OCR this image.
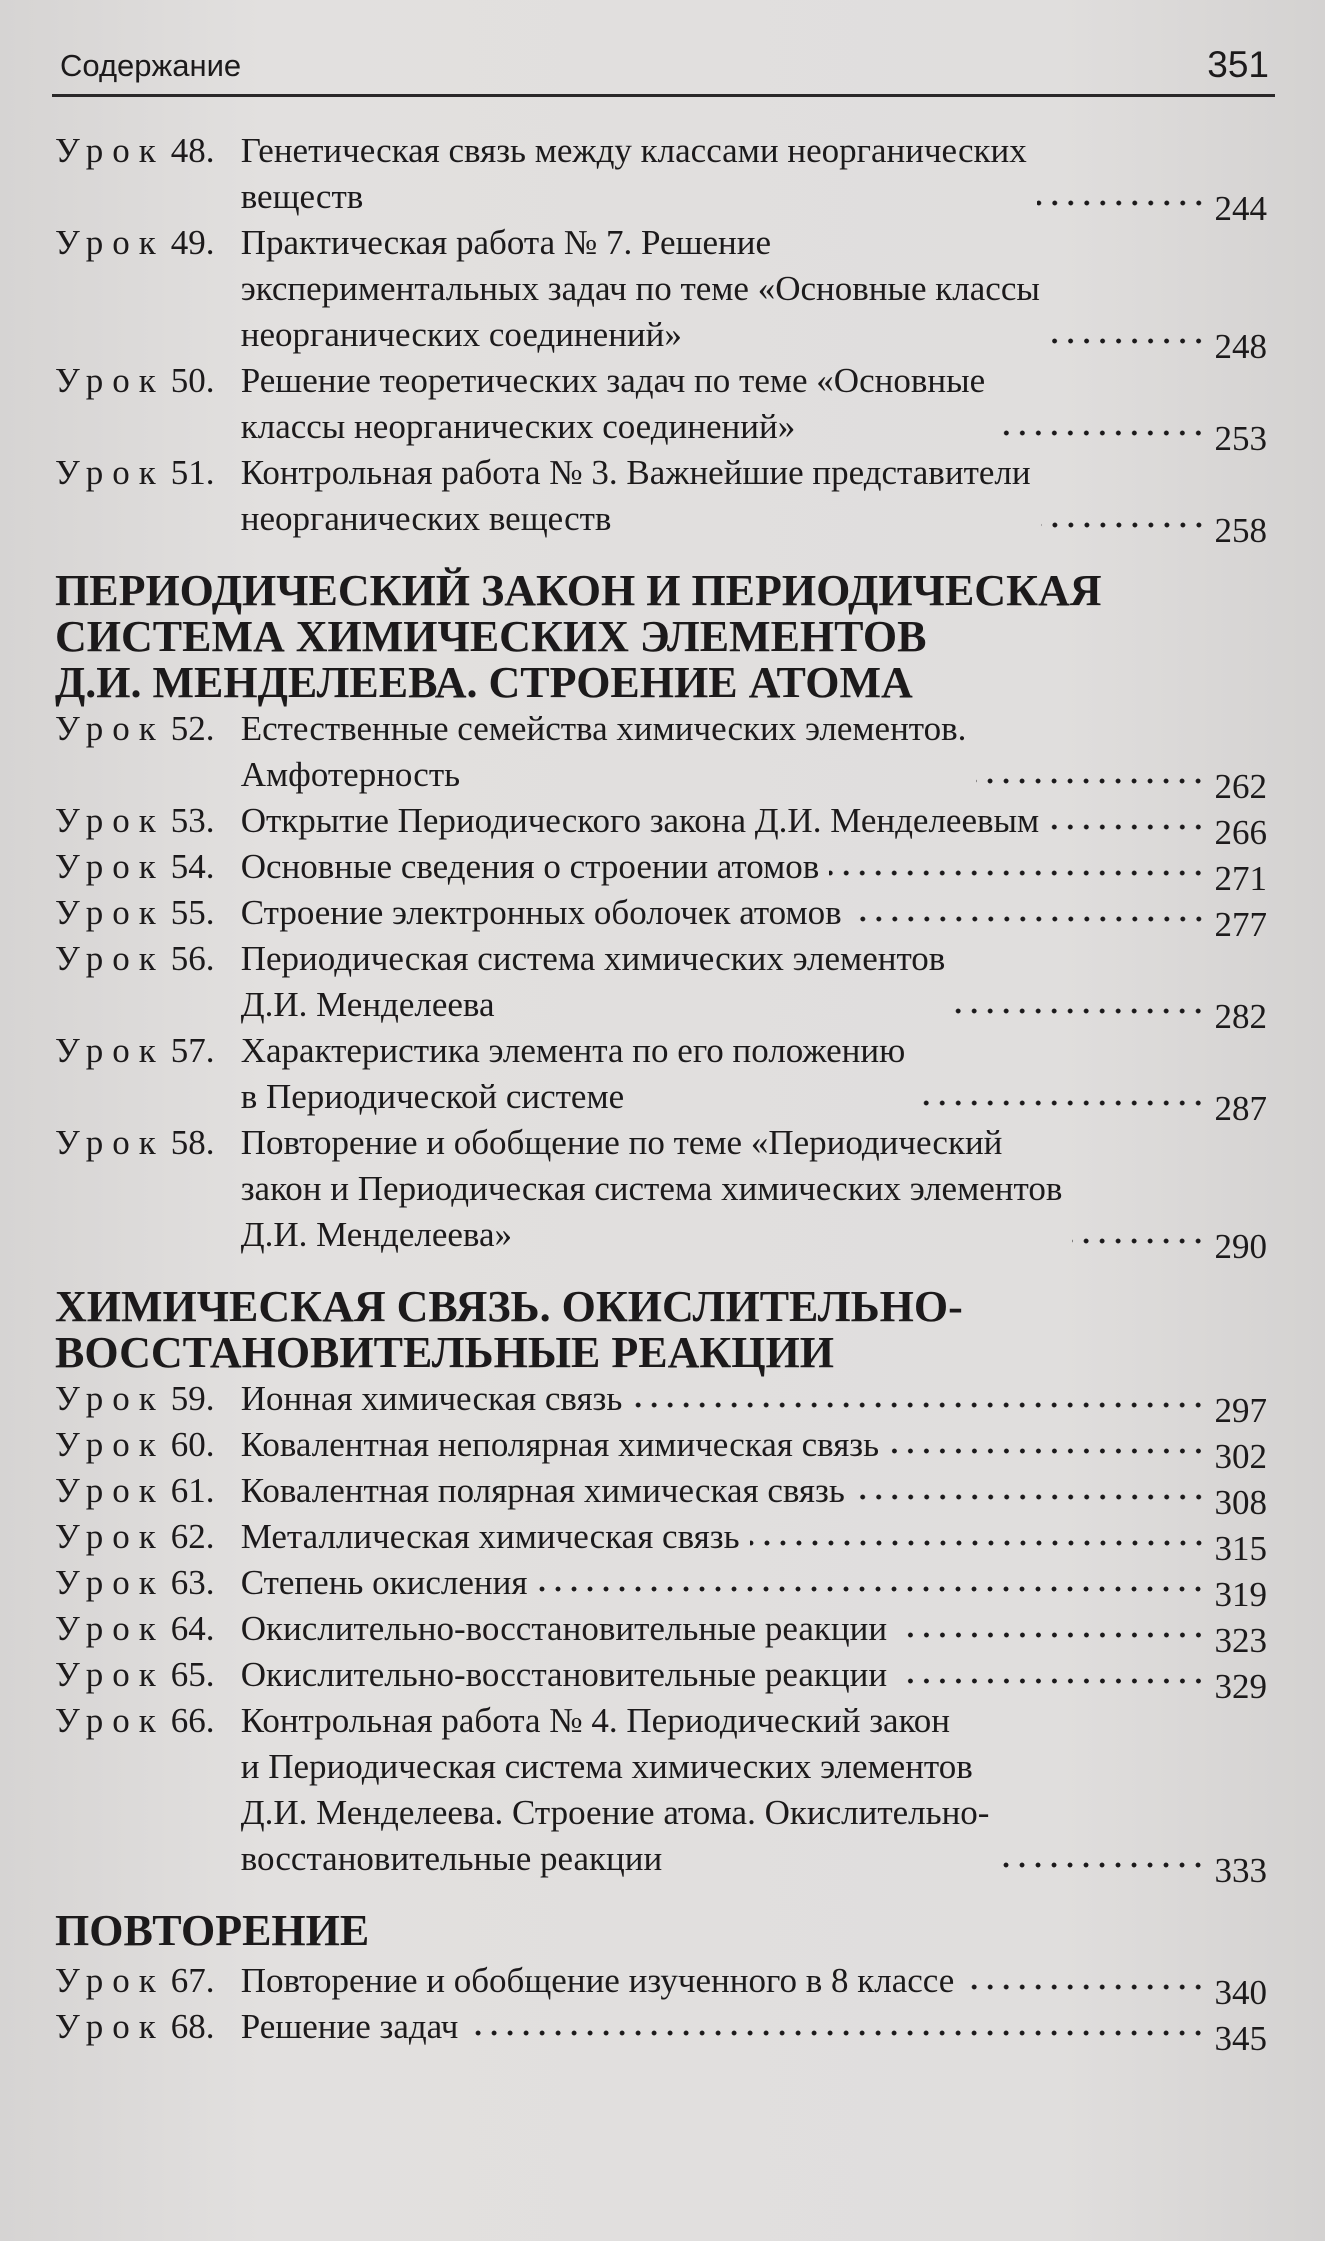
Содержание	351
Урок 48. Генетическая связь между классами неорганических
веществ	244
Урок 49. Практическая работа № 7. Решение
экспериментальных задач по теме «Основные классы
неорганических соединений»	248
Урок 50. Решение теоретических задач по теме «Основные
классы неорганических соединений»	253
Урок 51. Контрольная работа № 3. Важнейшие представители
неорганических веществ	258
ПЕРИОДИЧЕСКИЙ ЗАКОН И ПЕРИОДИЧЕСКАЯ
СИСТЕМА ХИМИЧЕСКИХ ЭЛЕМЕНТОВ
Д.И. МЕНДЕЛЕЕВА. СТРОЕНИЕ АТОМА
Урок 52. Естественные семейства химических элементов.
Амфотерность	262
Урок 53. Открытие Периодического закона Д.И. Менделеевым	266
Урок 54. Основные сведения о строении атомов	271
Урок 55. Строение электронных оболочек атомов	277
Урок 56. Периодическая система химических элементов
Д.И. Менделеева	282
Урок 57. Характеристика элемента по его положению
в Периодической системе	287
Урок 58. Повторение и обобщение по теме «Периодический
закон и Периодическая система химических элементов
Д.И. Менделеева»	290
ХИМИЧЕСКАЯ СВЯЗЬ. ОКИСЛИТЕЛЬНО-
ВОССТАНОВИТЕЛЬНЫЕ РЕАКЦИИ
Урок 59. Ионная химическая связь	297
Урок 60. Ковалентная неполярная химическая связь	302
Урок 61. Ковалентная полярная химическая связь	308
Урок 62. Металлическая химическая связь	315
Урок 63. Степень окисления	319
Урок 64. Окислительно-восстановительные реакции	323
Урок 65. Окислительно-восстановительные реакции	329
Урок 66. Контрольная работа № 4. Периодический закон
и Периодическая система химических элементов
Д.И. Менделеева. Строение атома. Окислительно-
восстановительные реакции	333
ПОВТОРЕНИЕ
Урок 67. Повторение и обобщение изученного в 8 классе	340
Урок 68. Решение задач	345
